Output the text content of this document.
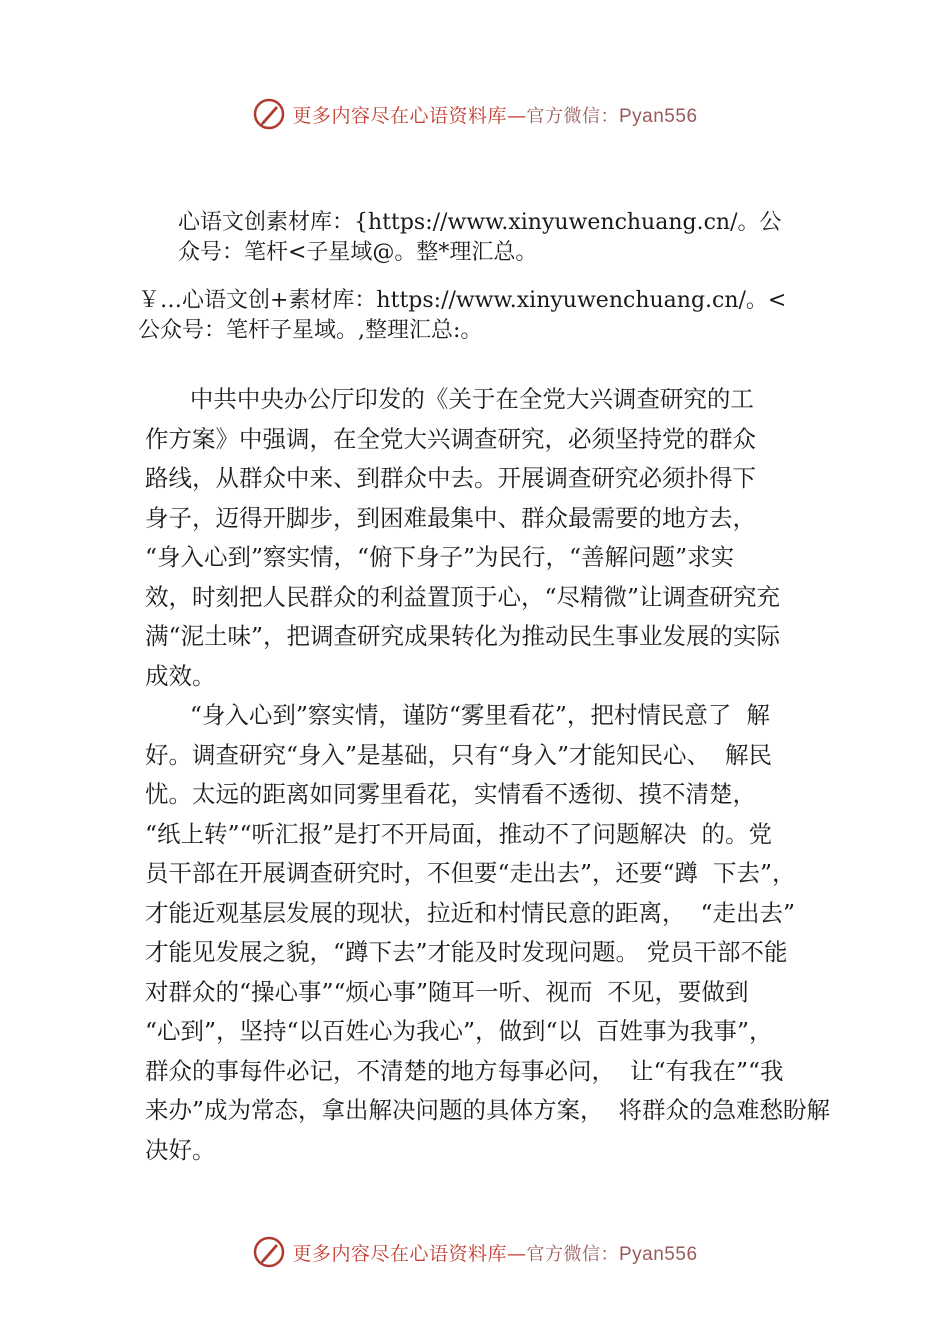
更多内容尽在心语资料库—官方微信：Pyan556
心语文创素材库：{https://www.xinyuwenchuang.cn/。公
众号：笔杆<子星域@。整*理汇总。
￥…心语文创+素材库：https://www.xinyuwenchuang.cn/。<
公众号：笔杆子星域。,整理汇总:。
中共中央办公厅印发的《关于在全党大兴调查研究的工
作方案》中强调，在全党大兴调查研究，必须坚持党的群众
路线，从群众中来、到群众中去。开展调查研究必须扑得下
身子，迈得开脚步，到困难最集中、群众最需要的地方去，
“身入心到”察实情，“俯下身子”为民行，“善解问题”求实
效，时刻把人民群众的利益置顶于心，“尽精微”让调查研究充
满“泥土味”，把调查研究成果转化为推动民生事业发展的实际
成效。
“身入心到”察实情，谨防“雾里看花”，把村情民意了  解
好。调查研究“身入”是基础，只有“身入”才能知民心、  解民
忧。太远的距离如同雾里看花，实情看不透彻、摸不清楚，
“纸上转”“听汇报”是打不开局面，推动不了问题解决  的。党
员干部在开展调查研究时，不但要“走出去”，还要“蹲  下去”，
才能近观基层发展的现状，拉近和村情民意的距离，  “走出去”
才能见发展之貌，“蹲下去”才能及时发现问题。 党员干部不能
对群众的“操心事”“烦心事”随耳一听、视而  不见，要做到
“心到”，坚持“以百姓心为我心”，做到“以  百姓事为我事”，
群众的事每件必记，不清楚的地方每事必问，  让“有我在”“我
来办”成为常态，拿出解决问题的具体方案，  将群众的急难愁盼解
决好。
更多内容尽在心语资料库—官方微信：Pyan556
